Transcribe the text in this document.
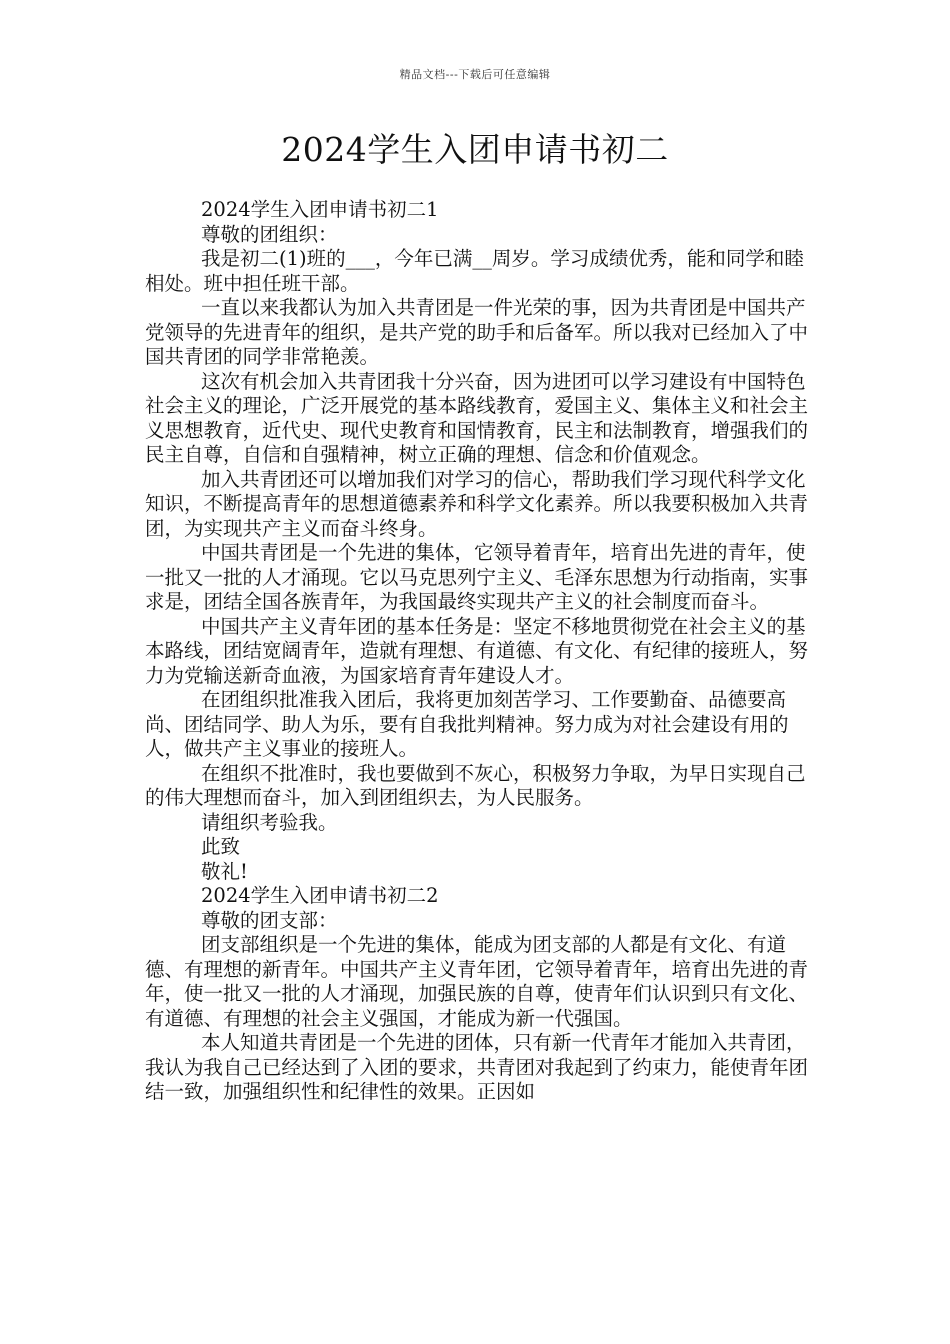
精品文档---下载后可任意编辑
2024学生入团申请书初二

2024学生入团申请书初二1

尊敬的团组织：

我是初二(1)班的___，今年已满__周岁。学习成绩优秀，能和同学和睦相处。班中担任班干部。

一直以来我都认为加入共青团是一件光荣的事，因为共青团是中国共产党领导的先进青年的组织，是共产党的助手和后备军。所以我对已经加入了中国共青团的同学非常艳羡。

这次有机会加入共青团我十分兴奋，因为进团可以学习建设有中国特色社会主义的理论，广泛开展党的基本路线教育，爱国主义、集体主义和社会主义思想教育，近代史、现代史教育和国情教育，民主和法制教育，增强我们的民主自尊，自信和自强精神，树立正确的理想、信念和价值观念。

加入共青团还可以增加我们对学习的信心，帮助我们学习现代科学文化知识，不断提高青年的思想道德素养和科学文化素养。所以我要积极加入共青团，为实现共产主义而奋斗终身。

中国共青团是一个先进的集体，它领导着青年，培育出先进的青年，使一批又一批的人才涌现。它以马克思列宁主义、毛泽东思想为行动指南，实事求是，团结全国各族青年，为我国最终实现共产主义的社会制度而奋斗。

中国共产主义青年团的基本任务是：坚定不移地贯彻党在社会主义的基本路线，团结宽阔青年，造就有理想、有道德、有文化、有纪律的接班人，努力为党输送新奇血液，为国家培育青年建设人才。

在团组织批准我入团后，我将更加刻苦学习、工作要勤奋、品德要高尚、团结同学、助人为乐，要有自我批判精神。努力成为对社会建设有用的人，做共产主义事业的接班人。

在组织不批准时，我也要做到不灰心，积极努力争取，为早日实现自己的伟大理想而奋斗，加入到团组织去，为人民服务。

请组织考验我。

此致

敬礼!

2024学生入团申请书初二2

尊敬的团支部：

团支部组织是一个先进的集体，能成为团支部的人都是有文化、有道德、有理想的新青年。中国共产主义青年团，它领导着青年，培育出先进的青年，使一批又一批的人才涌现，加强民族的自尊，使青年们认识到只有文化、有道德、有理想的社会主义强国，才能成为新一代强国。

本人知道共青团是一个先进的团体，只有新一代青年才能加入共青团，我认为我自己已经达到了入团的要求，共青团对我起到了约束力，能使青年团结一致，加强组织性和纪律性的效果。正因如
